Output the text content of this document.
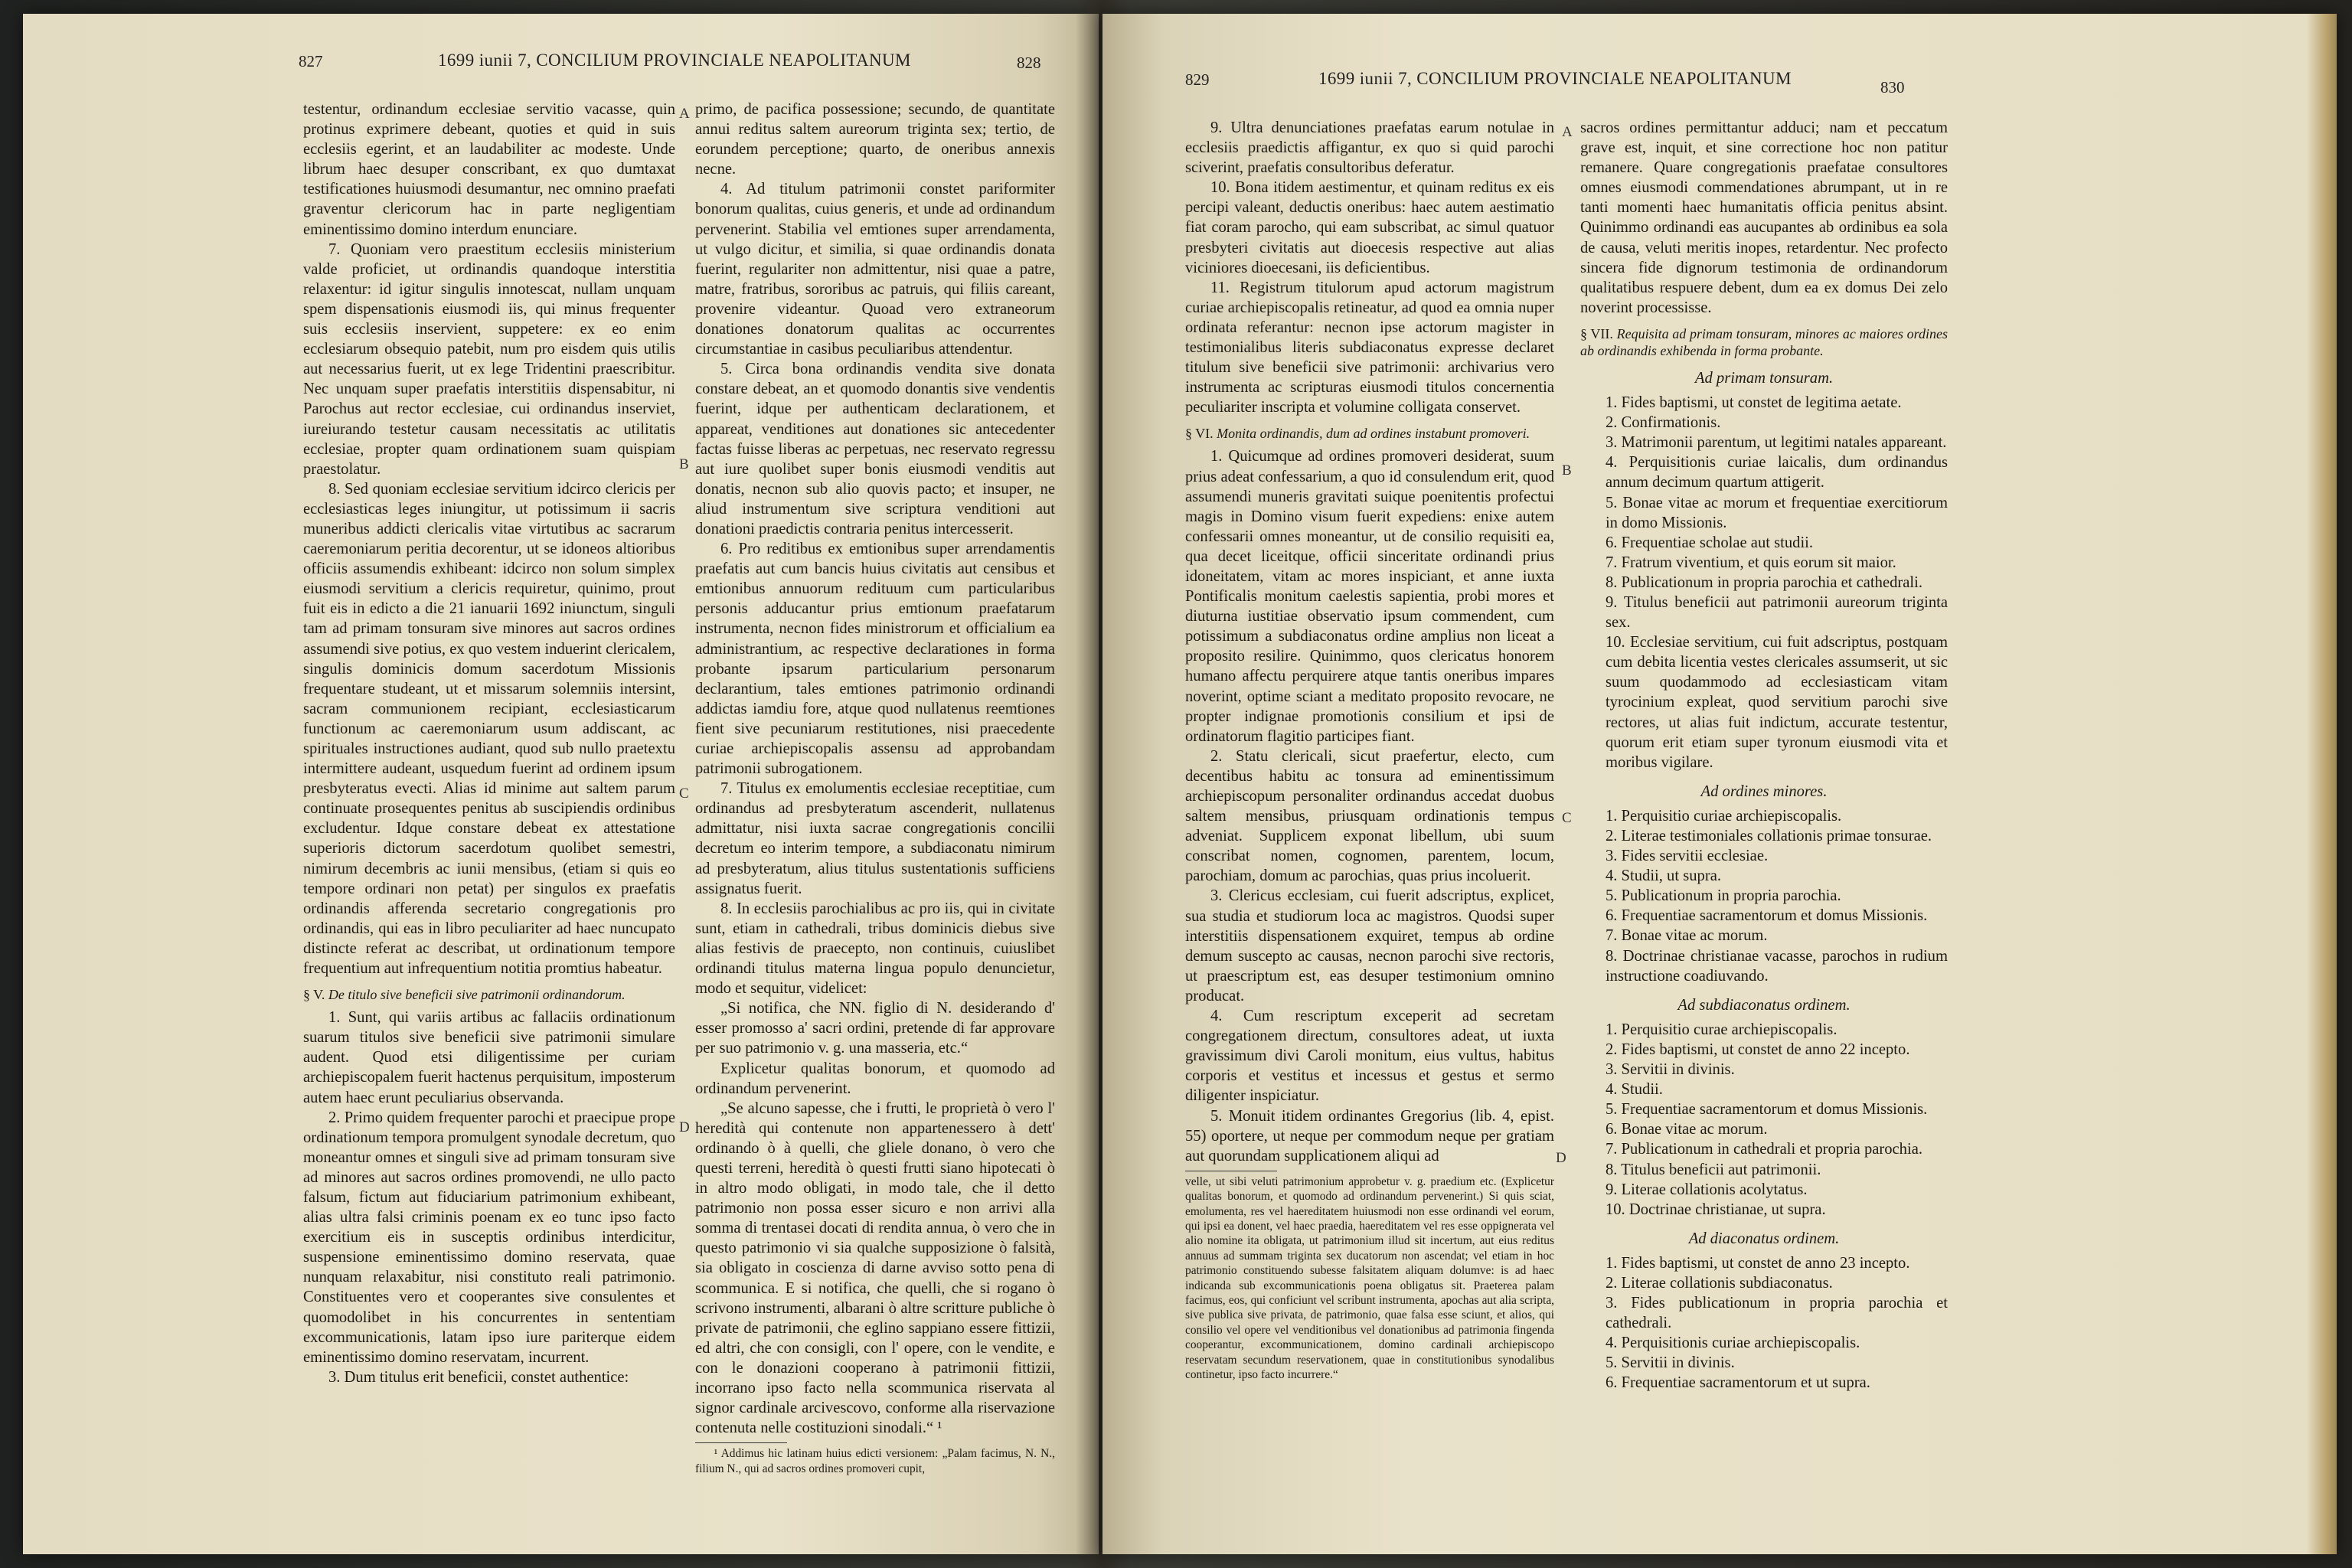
827	1699 iunii 7, CONCILIUM PROVINCIALE NEAPOLITANUM	828

testentur, ordinandum ecclesiae servitio vacasse, quin protinus exprimere debeant, quoties et quid in suis ecclesiis egerint, et an laudabiliter ac modeste. Unde librum haec desuper conscribant, ex quo dumtaxat testificationes huiusmodi desumantur, nec omnino praefati graventur clericorum hac in parte negligentiam eminentissimo domino interdum enunciare.

7. Quoniam vero praestitum ecclesiis ministerium valde proficiet, ut ordinandis quandoque interstitia relaxentur: id igitur singulis innotescat, nullam unquam spem dispensationis eiusmodi iis, qui minus frequenter suis ecclesiis inservient, suppetere: ex eo enim ecclesiarum obsequio patebit, num pro eisdem quis utilis aut necessarius fuerit, ut ex lege Tridentini praescribitur. Nec unquam super praefatis interstitiis dispensabitur, ni Parochus aut rector ecclesiae, cui ordinandus inserviet, iureiurando testetur causam necessitatis ac utilitatis ecclesiae, propter quam ordinationem suam quispiam praestolatur.

8. Sed quoniam ecclesiae servitium idcirco clericis per ecclesiasticas leges iniungitur, ut potissimum ii sacris muneribus addicti clericalis vitae virtutibus ac sacrarum caeremoniarum peritia decorentur, ut se idoneos altioribus officiis assumendis exhibeant: idcirco non solum simplex eiusmodi servitium a clericis requiretur, quinimo, prout fuit eis in edicto a die 21 ianuarii 1692 iniunctum, singuli tam ad primam tonsuram sive minores aut sacros ordines assumendi sive potius, ex quo vestem induerint clericalem, singulis dominicis domum sacerdotum Missionis frequentare studeant, ut et missarum solemniis intersint, sacram communionem recipiant, ecclesiasticarum functionum ac caeremoniarum usum addiscant, ac spirituales instructiones audiant, quod sub nullo praetextu intermittere audeant, usquedum fuerint ad ordinem ipsum presbyteratus evecti. Alias id minime aut saltem parum continuate prosequentes penitus ab suscipiendis ordinibus excludentur. Idque constare debeat ex attestatione superioris dictorum sacerdotum quolibet semestri, nimirum decembris ac iunii mensibus, (etiam si quis eo tempore ordinari non petat) per singulos ex praefatis ordinandis afferenda secretario congregationis pro ordinandis, qui eas in libro peculiariter ad haec nuncupato distincte referat ac describat, ut ordinationum tempore frequentium aut infrequentium notitia promtius habeatur.

§ V. De titulo sive beneficii sive patrimonii ordinandorum.

1. Sunt, qui variis artibus ac fallaciis ordinationum suarum titulos sive beneficii sive patrimonii simulare audent. Quod etsi diligentissime per curiam archiepiscopalem fuerit hactenus perquisitum, imposterum autem haec erunt peculiarius observanda.

2. Primo quidem frequenter parochi et praecipue prope ordinationum tempora promulgent synodale decretum, quo moneantur omnes et singuli sive ad primam tonsuram sive ad minores aut sacros ordines promovendi, ne ullo pacto falsum, fictum aut fiduciarium patrimonium exhibeant, alias ultra falsi criminis poenam ex eo tunc ipso facto exercitium eis in susceptis ordinibus interdicitur, suspensione eminentissimo domino reservata, quae nunquam relaxabitur, nisi constituto reali patrimonio. Constituentes vero et cooperantes sive consulentes et quomodolibet in his concurrentes in sententiam excommunicationis, latam ipso iure pariterque eidem eminentissimo domino reservatam, incurrent.

3. Dum titulus erit beneficii, constet authentice:

A
B
C
D

primo, de pacifica possessione; secundo, de quantitate annui reditus saltem aureorum triginta sex; tertio, de eorundem perceptione; quarto, de oneribus annexis necne.

4. Ad titulum patrimonii constet pariformiter bonorum qualitas, cuius generis, et unde ad ordinandum pervenerint. Stabilia vel emtiones super arrendamenta, ut vulgo dicitur, et similia, si quae ordinandis donata fuerint, regulariter non admittentur, nisi quae a patre, matre, fratribus, sororibus ac patruis, qui filiis careant, provenire videantur. Quoad vero extraneorum donationes donatorum qualitas ac occurrentes circumstantiae in casibus peculiaribus attendentur.

5. Circa bona ordinandis vendita sive donata constare debeat, an et quomodo donantis sive vendentis fuerint, idque per authenticam declarationem, et appareat, venditiones aut donationes sic antecedenter factas fuisse liberas ac perpetuas, nec reservato regressu aut iure quolibet super bonis eiusmodi venditis aut donatis, necnon sub alio quovis pacto; et insuper, ne aliud instrumentum sive scriptura venditioni aut donationi praedictis contraria penitus intercesserit.

6. Pro reditibus ex emtionibus super arrendamentis praefatis aut cum bancis huius civitatis aut censibus et emtionibus annuorum redituum cum particularibus personis adducantur prius emtionum praefatarum instrumenta, necnon fides ministrorum et officialium ea administrantium, ac respective declarationes in forma probante ipsarum particularium personarum declarantium, tales emtiones patrimonio ordinandi addictas iamdiu fore, atque quod nullatenus reemtiones fient sive pecuniarum restitutiones, nisi praecedente curiae archiepiscopalis assensu ad approbandam patrimonii subrogationem.

7. Titulus ex emolumentis ecclesiae receptitiae, cum ordinandus ad presbyteratum ascenderit, nullatenus admittatur, nisi iuxta sacrae congregationis concilii decretum eo interim tempore, a subdiaconatu nimirum ad presbyteratum, alius titulus sustentationis sufficiens assignatus fuerit.

8. In ecclesiis parochialibus ac pro iis, qui in civitate sunt, etiam in cathedrali, tribus dominicis diebus sive alias festivis de praecepto, non continuis, cuiuslibet ordinandi titulus materna lingua populo denuncietur, modo et sequitur, videlicet:

„Si notifica, che NN. figlio di N. desiderando d' esser promosso a' sacri ordini, pretende di far approvare per suo patrimonio v. g. una masseria, etc.“

Explicetur qualitas bonorum, et quomodo ad ordinandum pervenerint.

„Se alcuno sapesse, che i frutti, le proprietà ò vero l' heredità qui contenute non appartenessero à dett' ordinando ò à quelli, che gliele donano, ò vero che questi terreni, heredità ò questi frutti siano hipotecati ò in altro modo obligati, in modo tale, che il detto patrimonio non possa esser sicuro e non arrivi alla somma di trentasei docati di rendita annua, ò vero che in questo patrimonio vi sia qualche supposizione ò falsità, sia obligato in coscienza di darne avviso sotto pena di scommunica. E si notifica, che quelli, che si rogano ò scrivono instrumenti, albarani ò altre scritture publiche ò private de patrimonii, che eglino sappiano essere fittizii, ed altri, che con consigli, con l' opere, con le vendite, e con le donazioni cooperano à patrimonii fittizii, incorrano ipso facto nella scommunica riservata al signor cardinale arcivescovo, conforme alla riservazione contenuta nelle costituzioni sinodali.“ ¹

¹ Addimus hic latinam huius edicti versionem: „Palam facimus, N. N., filium N., qui ad sacros ordines promoveri cupit,

829	1699 iunii 7, CONCILIUM PROVINCIALE NEAPOLITANUM	830

9. Ultra denunciationes praefatas earum notulae in ecclesiis praedictis affigantur, ex quo si quid parochi sciverint, praefatis consultoribus deferatur.

10. Bona itidem aestimentur, et quinam reditus ex eis percipi valeant, deductis oneribus: haec autem aestimatio fiat coram parocho, qui eam subscribat, ac simul quatuor presbyteri civitatis aut dioecesis respective aut alias viciniores dioecesani, iis deficientibus.

11. Registrum titulorum apud actorum magistrum curiae archiepiscopalis retineatur, ad quod ea omnia nuper ordinata referantur: necnon ipse actorum magister in testimonialibus literis subdiaconatus expresse declaret titulum sive beneficii sive patrimonii: archivarius vero instrumenta ac scripturas eiusmodi titulos concernentia peculiariter inscripta et volumine colligata conservet.

§ VI. Monita ordinandis, dum ad ordines instabunt promoveri.

1. Quicumque ad ordines promoveri desiderat, suum prius adeat confessarium, a quo id consulendum erit, quod assumendi muneris gravitati suique poenitentis profectui magis in Domino visum fuerit expediens: enixe autem confessarii omnes moneantur, ut de consilio requisiti ea, qua decet liceitque, officii sinceritate ordinandi prius idoneitatem, vitam ac mores inspiciant, et anne iuxta Pontificalis monitum caelestis sapientia, probi mores et diuturna iustitiae observatio ipsum commendent, cum potissimum a subdiaconatus ordine amplius non liceat a proposito resilire. Quinimmo, quos clericatus honorem humano affectu perquirere atque tantis oneribus impares noverint, optime sciant a meditato proposito revocare, ne propter indignae promotionis consilium et ipsi de ordinatorum flagitio participes fiant.

2. Statu clericali, sicut praefertur, electo, cum decentibus habitu ac tonsura ad eminentissimum archiepiscopum personaliter ordinandus accedat duobus saltem mensibus, priusquam ordinationis tempus adveniat. Supplicem exponat libellum, ubi suum conscribat nomen, cognomen, parentem, locum, parochiam, domum ac parochias, quas prius incoluerit.

3. Clericus ecclesiam, cui fuerit adscriptus, explicet, sua studia et studiorum loca ac magistros. Quodsi super interstitiis dispensationem exquiret, tempus ab ordine demum suscepto ac causas, necnon parochi sive rectoris, ut praescriptum est, eas desuper testimonium omnino producat.

4. Cum rescriptum exceperit ad secretam congregationem directum, consultores adeat, ut iuxta gravissimum divi Caroli monitum, eius vultus, habitus corporis et vestitus et incessus et gestus et sermo diligenter inspiciatur.

5. Monuit itidem ordinantes Gregorius (lib. 4, epist. 55) oportere, ut neque per commodum neque per gratiam aut quorundam supplicationem aliqui ad

velle, ut sibi veluti patrimonium approbetur v. g. praedium etc. (Explicetur qualitas bonorum, et quomodo ad ordinandum pervenerint.) Si quis sciat, emolumenta, res vel haereditatem huiusmodi non esse ordinandi vel eorum, qui ipsi ea donent, vel haec praedia, haereditatem vel res esse oppignerata vel alio nomine ita obligata, ut patrimonium illud sit incertum, aut eius reditus annuus ad summam triginta sex ducatorum non ascendat; vel etiam in hoc patrimonio constituendo subesse falsitatem aliquam dolumve: is ad haec indicanda sub excommunicationis poena obligatus sit. Praeterea palam facimus, eos, qui conficiunt vel scribunt instrumenta, apochas aut alia scripta, sive publica sive privata, de patrimonio, quae falsa esse sciunt, et alios, qui consilio vel opere vel venditionibus vel donationibus ad patrimonia fingenda cooperantur, excommunicationem, domino cardinali archiepiscopo reservatam secundum reservationem, quae in constitutionibus synodalibus continetur, ipso facto incurrere.“

A
B
C
D

sacros ordines permittantur adduci; nam et peccatum grave est, inquit, et sine correctione hoc non patitur remanere. Quare congregationis praefatae consultores omnes eiusmodi commendationes abrumpant, ut in re tanti momenti haec humanitatis officia penitus absint. Quinimmo ordinandi eas aucupantes ab ordinibus ea sola de causa, veluti meritis inopes, retardentur. Nec profecto sincera fide dignorum testimonia de ordinandorum qualitatibus respuere debent, dum ea ex domus Dei zelo noverint processisse.

§ VII. Requisita ad primam tonsuram, minores ac maiores ordines ab ordinandis exhibenda in forma probante.

Ad primam tonsuram.

1. Fides baptismi, ut constet de legitima aetate.

2. Confirmationis.

3. Matrimonii parentum, ut legitimi natales appareant.

4. Perquisitionis curiae laicalis, dum ordinandus annum decimum quartum attigerit.

5. Bonae vitae ac morum et frequentiae exercitiorum in domo Missionis.

6. Frequentiae scholae aut studii.

7. Fratrum viventium, et quis eorum sit maior.

8. Publicationum in propria parochia et cathedrali.

9. Titulus beneficii aut patrimonii aureorum triginta sex.

10. Ecclesiae servitium, cui fuit adscriptus, postquam cum debita licentia vestes clericales assumserit, ut sic suum quodammodo ad ecclesiasticam vitam tyrocinium expleat, quod servitium parochi sive rectores, ut alias fuit indictum, accurate testentur, quorum erit etiam super tyronum eiusmodi vita et moribus vigilare.

Ad ordines minores.

1. Perquisitio curiae archiepiscopalis.

2. Literae testimoniales collationis primae tonsurae.

3. Fides servitii ecclesiae.

4. Studii, ut supra.

5. Publicationum in propria parochia.

6. Frequentiae sacramentorum et domus Missionis.

7. Bonae vitae ac morum.

8. Doctrinae christianae vacasse, parochos in rudium instructione coadiuvando.

Ad subdiaconatus ordinem.

1. Perquisitio curae archiepiscopalis.

2. Fides baptismi, ut constet de anno 22 incepto.

3. Servitii in divinis.

4. Studii.

5. Frequentiae sacramentorum et domus Missionis.

6. Bonae vitae ac morum.

7. Publicationum in cathedrali et propria parochia.

8. Titulus beneficii aut patrimonii.

9. Literae collationis acolytatus.

10. Doctrinae christianae, ut supra.

Ad diaconatus ordinem.

1. Fides baptismi, ut constet de anno 23 incepto.

2. Literae collationis subdiaconatus.

3. Fides publicationum in propria parochia et cathedrali.

4. Perquisitionis curiae archiepiscopalis.

5. Servitii in divinis.

6. Frequentiae sacramentorum et ut supra.
